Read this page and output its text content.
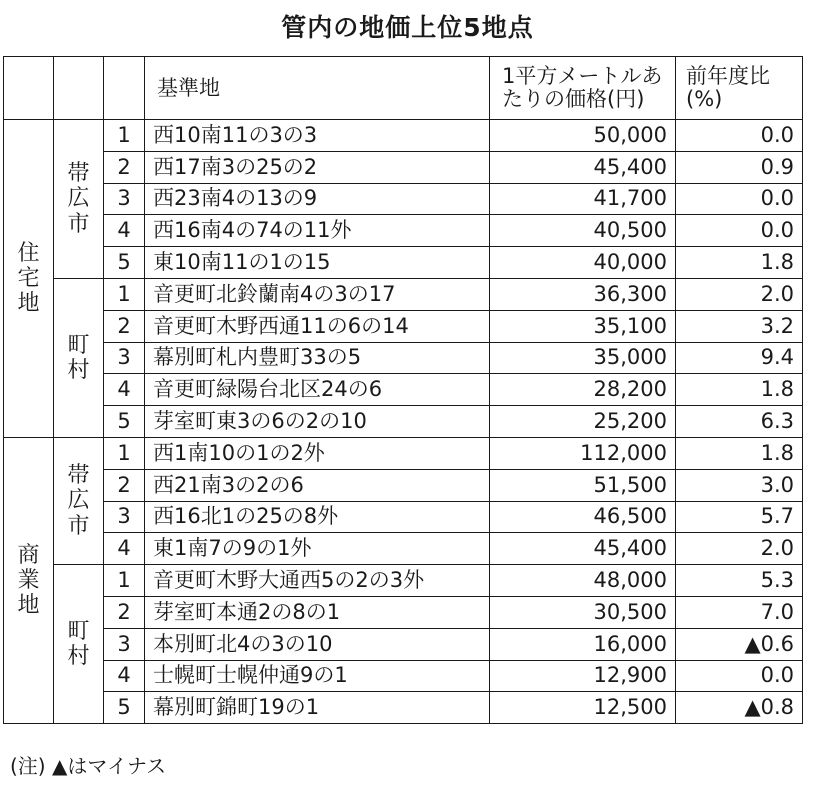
管内の地価上位5地点
			基準地	1平方メートルあたりの価格(円)	前年度比(%)
住宅地	帯広市	1	西10南11の3の3	50,000	0.0
		2	西17南3の25の2	45,400	0.9
		3	西23南4の13の9	41,700	0.0
		4	西16南4の74の11外	40,500	0.0
		5	東10南11の1の15	40,000	1.8
	町村	1	音更町北鈴蘭南4の3の17	36,300	2.0
		2	音更町木野西通11の6の14	35,100	3.2
		3	幕別町札内豊町33の5	35,000	9.4
		4	音更町緑陽台北区24の6	28,200	1.8
		5	芽室町東3の6の2の10	25,200	6.3
商業地	帯広市	1	西1南10の1の2外	112,000	1.8
		2	西21南3の2の6	51,500	3.0
		3	西16北1の25の8外	46,500	5.7
		4	東1南7の9の1外	45,400	2.0
	町村	1	音更町木野大通西5の2の3外	48,000	5.3
		2	芽室町本通2の8の1	30,500	7.0
		3	本別町北4の3の10	16,000	▲0.6
		4	士幌町士幌仲通9の1	12,900	0.0
		5	幕別町錦町19の1	12,500	▲0.8
(注) ▲はマイナス
